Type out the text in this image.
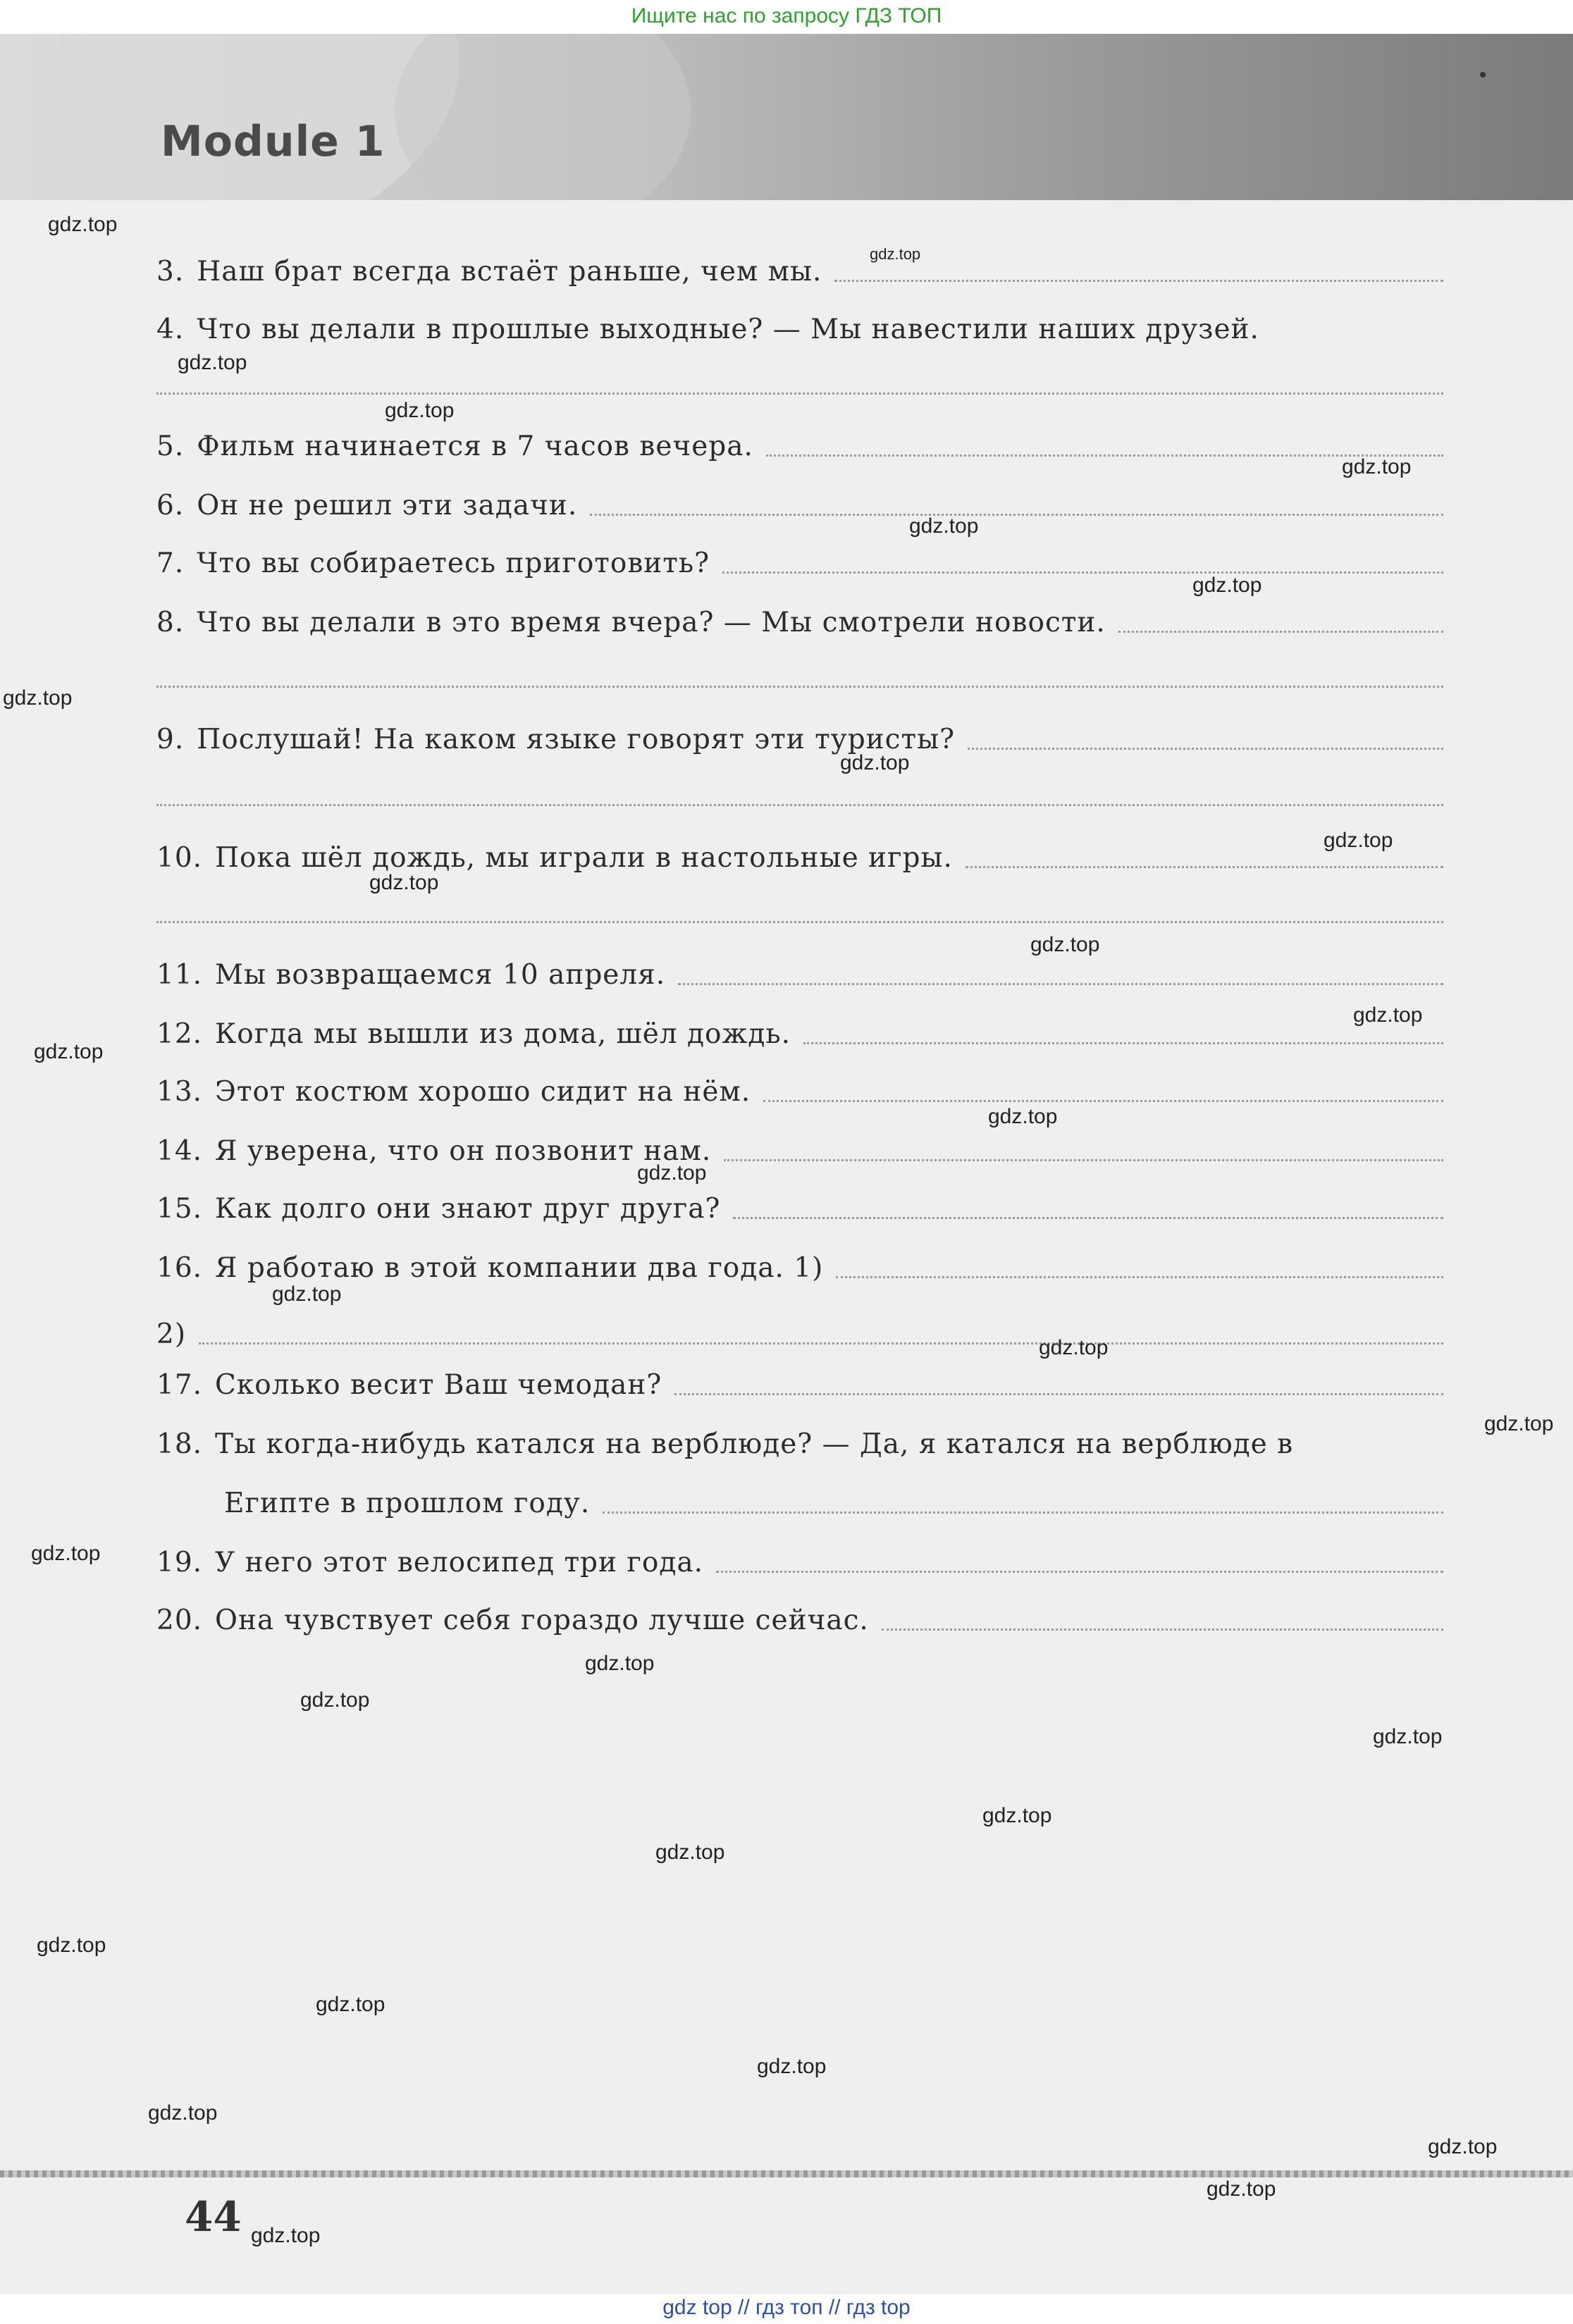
Ищите нас по запросу ГДЗ ТОП
Module 1
3. Наш брат всегда встаёт раньше, чем мы.
4. Что вы делали в прошлые выходные? — Мы навестили наших друзей.
5. Фильм начинается в 7 часов вечера.
6. Он не решил эти задачи.
7. Что вы собираетесь приготовить?
8. Что вы делали в это время вчера? — Мы смотрели новости.
9. Послушай! На каком языке говорят эти туристы?
10. Пока шёл дождь, мы играли в настольные игры.
11. Мы возвращаемся 10 апреля.
12. Когда мы вышли из дома, шёл дождь.
13. Этот костюм хорошо сидит на нём.
14. Я уверена, что он позвонит нам.
15. Как долго они знают друг друга?
16. Я работаю в этой компании два года. 1)
2)
17. Сколько весит Ваш чемодан?
18. Ты когда-нибудь катался на верблюде? — Да, я катался на верблюде в
Египте в прошлом году.
19. У него этот велосипед три года.
20. Она чувствует себя гораздо лучше сейчас.
gdz.top
gdz.top
gdz.top
gdz.top
gdz.top
gdz.top
gdz.top
gdz.top
gdz.top
gdz.top
gdz.top
gdz.top
gdz.top
gdz.top
gdz.top
gdz.top
gdz.top
gdz.top
gdz.top
gdz.top
gdz.top
gdz.top
gdz.top
gdz.top
gdz.top
gdz.top
gdz.top
gdz.top
gdz.top
gdz.top
gdz.top
gdz.top
44
gdz top // гдз топ // гдз top
